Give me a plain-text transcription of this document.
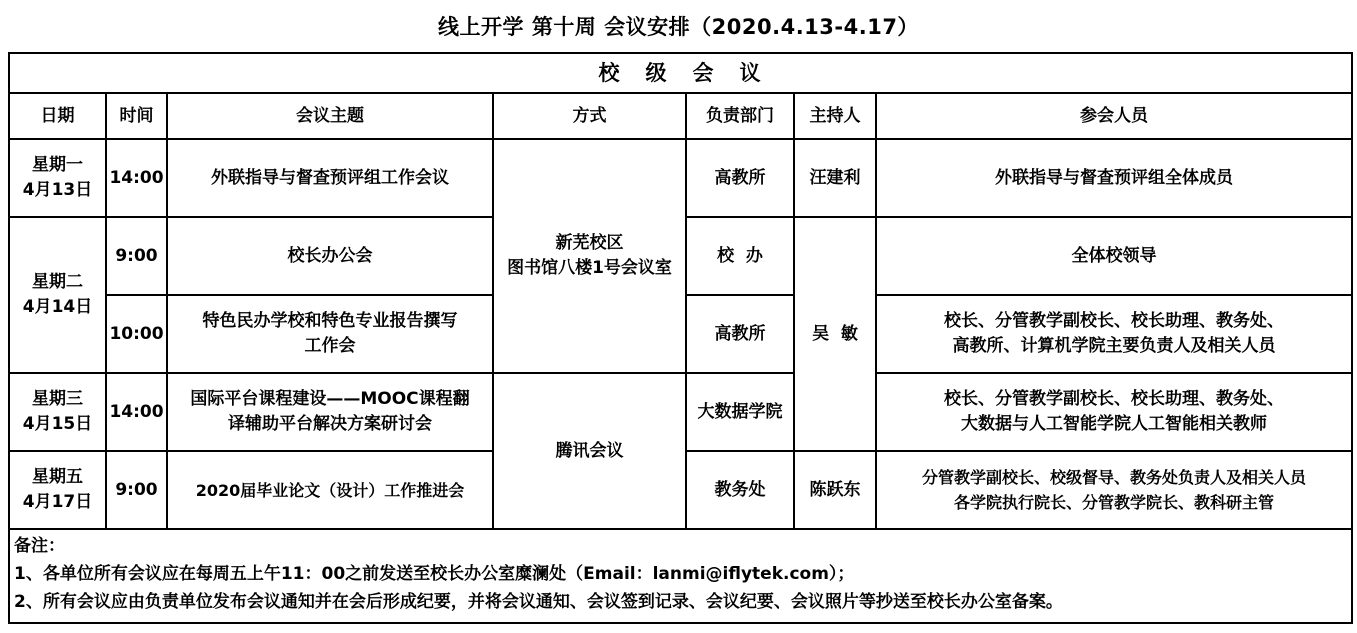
线上开学 第十周 会议安排（2020.4.13-4.17）
校级会议						
日期	时间	会议主题	方式	负责部门	主持人	参会人员

星期一
4月13日	14:00	外联指导与督查预评组工作会议	新芜校区
图书馆八楼1号会议室	高教所	汪建利	外联指导与督查预评组全体成员

星期二
4月14日	9:00	校长办公会		校  办	吴  敏	全体校领导

	10:00	特色民办学校和特色专业报告撰写
工作会		高教所		校长、分管教学副校长、校长助理、教务处、
高教所、计算机学院主要负责人及相关人员

星期三
4月15日	14:00	国际平台课程建设——MOOC课程翻
译辅助平台解决方案研讨会	腾讯会议	大数据学院		校长、分管教学副校长、校长助理、教务处、
大数据与人工智能学院人工智能相关教师

星期五
4月17日	9:00	2020届毕业论文（设计）工作推进会		教务处	陈跃东	分管教学副校长、校级督导、教务处负责人及相关人员
各学院执行院长、分管教学院长、教科研主管

备注：
1、各单位所有会议应在每周五上午11：00之前发送至校长办公室糜澜处（Email：lanmi@iflytek.com）；
2、所有会议应由负责单位发布会议通知并在会后形成纪要，并将会议通知、会议签到记录、会议纪要、会议照片等抄送至校长办公室备案。						
